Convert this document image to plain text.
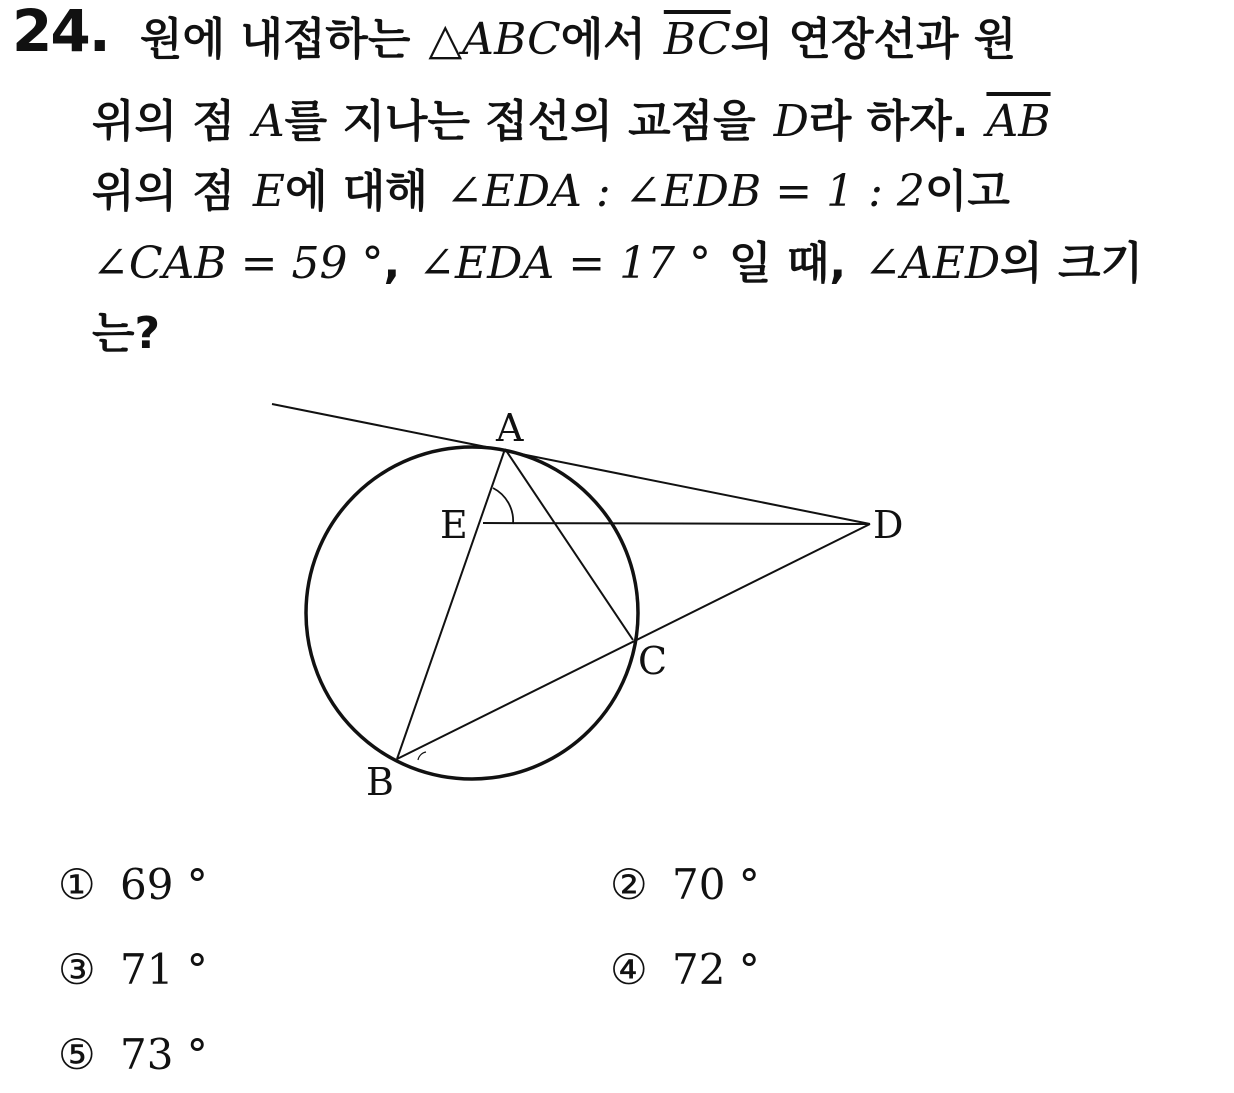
24. 원에 내접하는 △ABC에서 $\overline{BC}$의 연장선과 원
위의 점 A를 지나는 접선의 교점을 D라 하자. $\overline{AB}$
위의 점 E에 대해 ∠EDA : ∠EDB = 1 : 2이고
∠CAB = 59 °, ∠EDA = 17 ° 일 때, ∠AED의 크기
는?
A
E	D
C
B
① 69 °	② 70 °
③ 71 °	④ 72 °
⑤ 73 °
